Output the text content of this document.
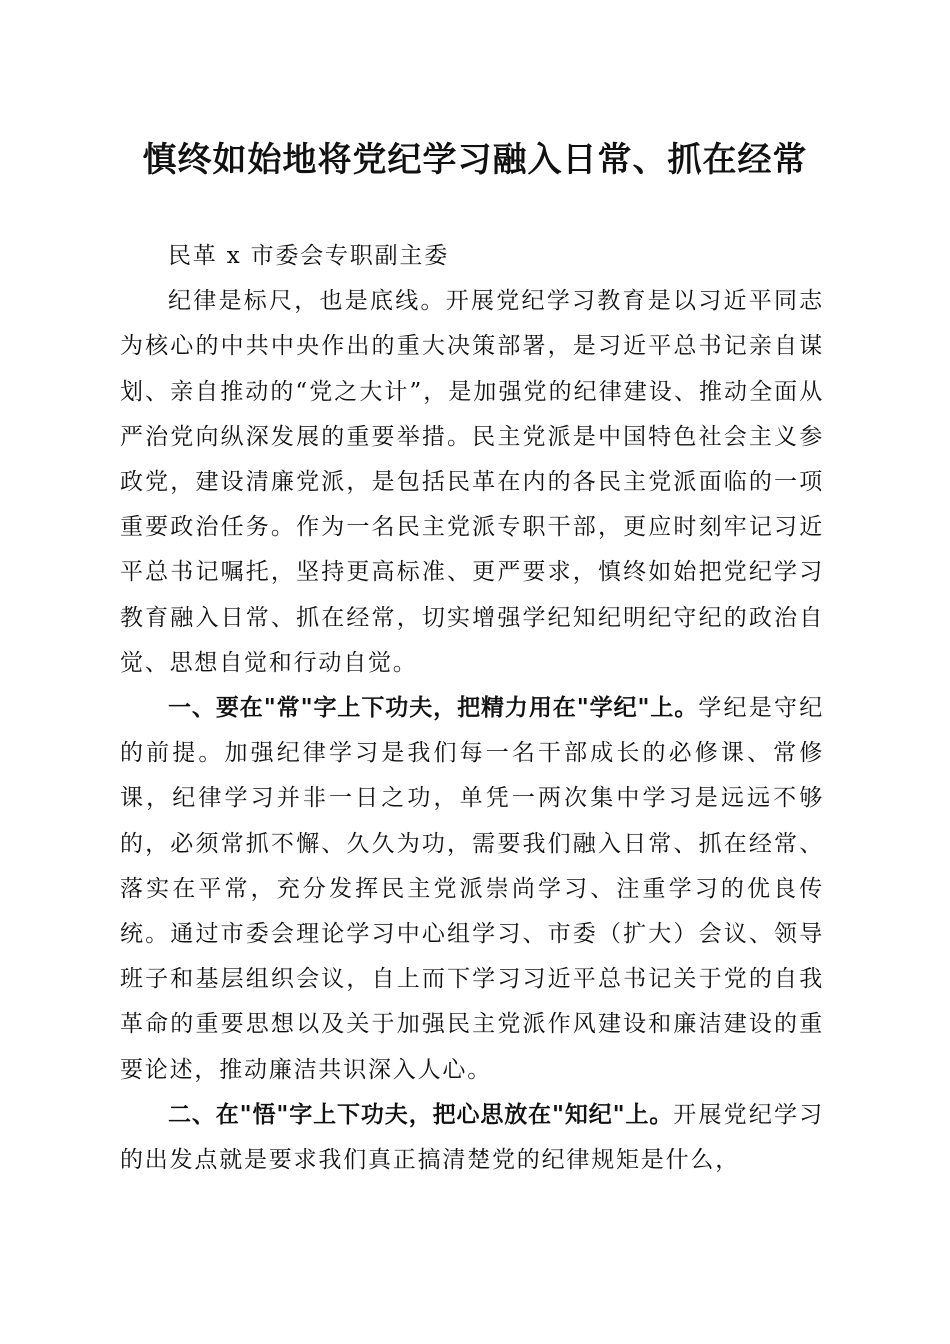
慎终如始地将党纪学习融入日常、抓在经常

民革 x 市委会专职副主委

纪律是标尺，也是底线。开展党纪学习教育是以习近平同志为核心的中共中央作出的重大决策部署，是习近平总书记亲自谋划、亲自推动的“党之大计”，是加强党的纪律建设、推动全面从严治党向纵深发展的重要举措。民主党派是中国特色社会主义参政党，建设清廉党派，是包括民革在内的各民主党派面临的一项重要政治任务。作为一名民主党派专职干部，更应时刻牢记习近平总书记嘱托，坚持更高标准、更严要求，慎终如始把党纪学习教育融入日常、抓在经常，切实增强学纪知纪明纪守纪的政治自觉、思想自觉和行动自觉。

一、要在"常"字上下功夫，把精力用在"学纪"上。学纪是守纪的前提。加强纪律学习是我们每一名干部成长的必修课、常修课，纪律学习并非一日之功，单凭一两次集中学习是远远不够的，必须常抓不懈、久久为功，需要我们融入日常、抓在经常、落实在平常，充分发挥民主党派崇尚学习、注重学习的优良传统。通过市委会理论学习中心组学习、市委（扩大）会议、领导班子和基层组织会议，自上而下学习习近平总书记关于党的自我革命的重要思想以及关于加强民主党派作风建设和廉洁建设的重要论述，推动廉洁共识深入人心。

二、在"悟"字上下功夫，把心思放在"知纪"上。开展党纪学习的出发点就是要求我们真正搞清楚党的纪律规矩是什么，
